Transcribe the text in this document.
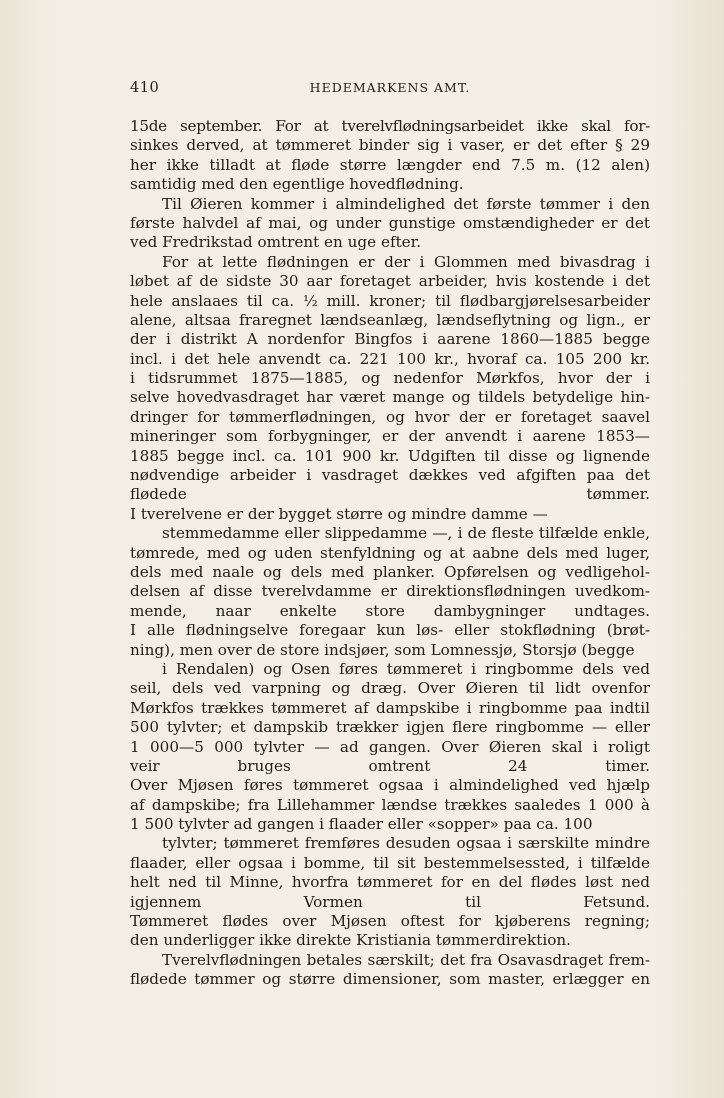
410	HEDEMARKENS AMT.
15de september. For at tverelvflødningsarbeidet ikke skal for-
sinkes derved, at tømmeret binder sig i vaser, er det efter § 29
her ikke tilladt at fløde større længder end 7.5 m. (12 alen)
samtidig med den egentlige hovedflødning.
Til Øieren kommer i almindelighed det første tømmer i den
første halvdel af mai, og under gunstige omstændigheder er det
ved Fredrikstad omtrent en uge efter.
For at lette flødningen er der i Glommen med bivasdrag i
løbet af de sidste 30 aar foretaget arbeider, hvis kostende i det
hele anslaaes til ca. ½ mill. kroner; til flødbargjørelsesarbeider
alene, altsaa fraregnet lændseanlæg, lændseflytning og lign., er
der i distrikt A nordenfor Bingfos i aarene 1860—1885 begge
incl. i det hele anvendt ca. 221 100 kr., hvoraf ca. 105 200 kr.
i tidsrummet 1875—1885, og nedenfor Mørkfos, hvor der i
selve hovedvasdraget har været mange og tildels betydelige hin-
dringer for tømmerflødningen, og hvor der er foretaget saavel
mineringer som forbygninger, er der anvendt i aarene 1853—
1885 begge incl. ca. 101 900 kr. Udgiften til disse og lignende
nødvendige arbeider i vasdraget dækkes ved afgiften paa det
flødede tømmer.
I tverelvene er der bygget større og mindre damme —
stemmedamme eller slippedamme —, i de fleste tilfælde enkle,
tømrede, med og uden stenfyldning og at aabne dels med luger,
dels med naale og dels med planker. Opførelsen og vedligehol-
delsen af disse tverelvdamme er direktionsflødningen uvedkom-
mende, naar enkelte store dambygninger undtages.
I alle flødningselve foregaar kun løs- eller stokflødning (brøt-
ning), men over de store indsjøer, som Lomnessjø, Storsjø (begge
i Rendalen) og Osen føres tømmeret i ringbomme dels ved
seil, dels ved varpning og dræg. Over Øieren til lidt ovenfor
Mørkfos trækkes tømmeret af dampskibe i ringbomme paa indtil
500 tylvter; et dampskib trækker igjen flere ringbomme — eller
1 000—5 000 tylvter — ad gangen. Over Øieren skal i roligt
veir bruges omtrent 24 timer.
Over Mjøsen føres tømmeret ogsaa i almindelighed ved hjælp
af dampskibe; fra Lillehammer lændse trækkes saaledes 1 000 à
1 500 tylvter ad gangen i flaader eller «sopper» paa ca. 100
tylvter; tømmeret fremføres desuden ogsaa i særskilte mindre
flaader, eller ogsaa i bomme, til sit bestemmelsessted, i tilfælde
helt ned til Minne, hvorfra tømmeret for en del flødes løst ned
igjennem Vormen til Fetsund.
Tømmeret flødes over Mjøsen oftest for kjøberens regning;
den underligger ikke direkte Kristiania tømmerdirektion.
Tverelvflødningen betales særskilt; det fra Osavasdraget frem-
flødede tømmer og større dimensioner, som master, erlægger en
